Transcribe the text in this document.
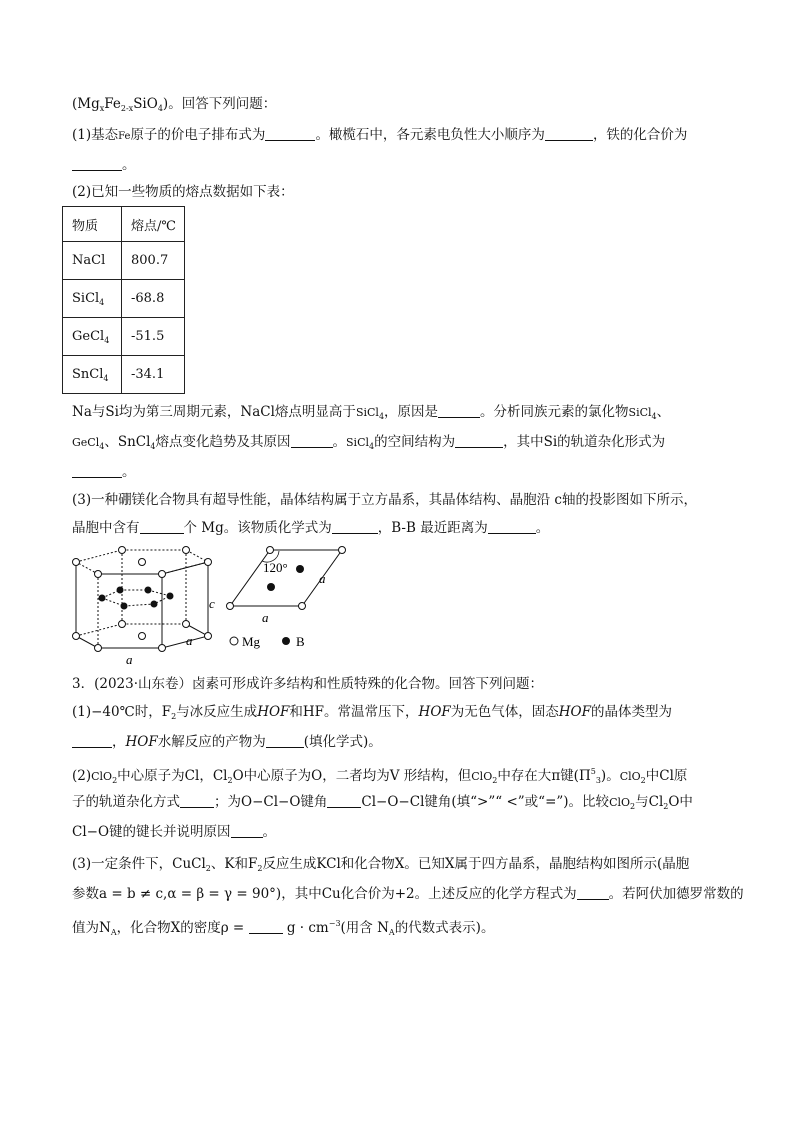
$(Mg_xFe_{2-x}SiO_4)$。回答下列问题：
(1)基态Fe原子的价电子排布式为	。橄榄石中，各元素电负性大小顺序为	，铁的化合价为
。
(2)已知一些物质的熔点数据如下表：
物质	熔点/℃
NaCl	800.7
SiCl$_4$	-68.8
GeCl$_4$	-51.5
SnCl$_4$	-34.1
Na与Si均为第三周期元素，NaCl熔点明显高于SiCl$_4$，原因是	。分析同族元素的氯化物SiCl$_4$、
GeCl$_4$、SnCl$_4$熔点变化趋势及其原因	。SiCl$_4$的空间结构为	，其中Si的轨道杂化形式为
。
(3)一种硼镁化合物具有超导性能，晶体结构属于立方晶系，其晶体结构、晶胞沿 c轴的投影图如下所示，
晶胞中含有	个 Mg。该物质化学式为	，B-B 最近距离为	。
c
a
a
120°
a
a
Mg	B
3．(2023·山东卷）卤素可形成许多结构和性质特殊的化合物。回答下列问题：
(1)−40℃时，$F_2$与冰反应生成HOF和HF。常温常压下，HOF为无色气体，固态HOF的晶体类型为
，HOF水解反应的产物为	(填化学式)。
(2)ClO$_2$中心原子为Cl，$Cl_2O$中心原子为O，二者均为V 形结构，但ClO$_2$中存在大π键$(\Pi^5_3)$。ClO$_2$中Cl原
子的轨道杂化方式	；为O−Cl−O键角	Cl−O−Cl键角(填“>”“ <”或“=”)。比较ClO$_2$与$Cl_2O$中
Cl−O键的键长并说明原因 。
(3)一定条件下，CuCl$_2$、K和$F_2$反应生成KCl和化合物X。已知X属于四方晶系，晶胞结构如图所示(晶胞
参数a = b ≠ c,α = β = γ = 90°)，其中Cu化合价为+2。上述反应的化学方程式为 。若阿伏加德罗常数的
值为$N_A$，化合物X的密度ρ =	$g \cdot cm^{-3}$(用含 $N_A$的代数式表示)。
